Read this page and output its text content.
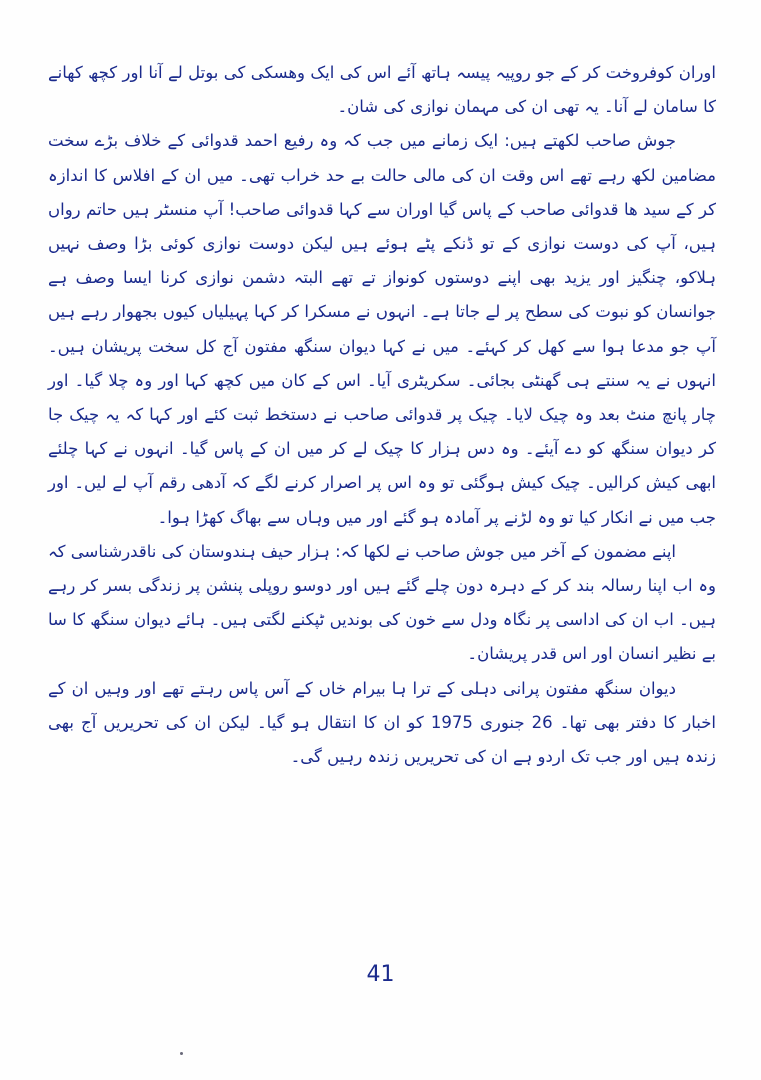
اوران کوفروخت کر کے جو روپیہ پیسہ ہاتھ آئے اس کی ایک وھسکی کی بوتل لے آنا اور کچھ کھانے کا سامان لے آنا۔ یہ تھی ان کی مہمان نوازی کی شان۔

جوش صاحب لکھتے ہیں: ایک زمانے میں جب کہ وہ رفیع احمد قدوائی کے خلاف بڑے سخت مضامین لکھ رہے تھے اس وقت ان کی مالی حالت بے حد خراب تھی۔ میں ان کے افلاس کا اندازہ کر کے سید ھا قدوائی صاحب کے پاس گیا اوران سے کہا قدوائی صاحب! آپ منسٹر ہیں حاتم رواں ہیں، آپ کی دوست نوازی کے تو ڈنکے پٹے ہوئے ہیں لیکن دوست نوازی کوئی بڑا وصف نہیں ہلاکو، چنگیز اور یزید بھی اپنے دوستوں کونواز تے تھے البتہ دشمن نوازی کرنا ایسا وصف ہے جوانسان کو نبوت کی سطح پر لے جاتا ہے۔ انہوں نے مسکرا کر کہا پہیلیاں کیوں بجھوار رہے ہیں آپ جو مدعا ہوا سے کھل کر کہئے۔ میں نے کہا دیوان سنگھ مفتون آج کل سخت پریشان ہیں۔ انہوں نے یہ سنتے ہی گھنٹی بجائی۔ سکریٹری آیا۔ اس کے کان میں کچھ کہا اور وہ چلا گیا۔ اور چار پانچ منٹ بعد وہ چیک لایا۔ چیک پر قدوائی صاحب نے دستخط ثبت کئے اور کہا کہ یہ چیک جا کر دیوان سنگھ کو دے آیئے۔ وہ دس ہزار کا چیک لے کر میں ان کے پاس گیا۔ انہوں نے کہا چلئے ابھی کیش کرالیں۔ چیک کیش ہوگئی تو وہ اس پر اصرار کرنے لگے کہ آدھی رقم آپ لے لیں۔ اور جب میں نے انکار کیا تو وہ لڑنے پر آمادہ ہو گئے اور میں وہاں سے بھاگ کھڑا ہوا۔

اپنے مضمون کے آخر میں جوش صاحب نے لکھا کہ: ہزار حیف ہندوستان کی ناقدرشناسی کہ وہ اب اپنا رسالہ بند کر کے دہرہ دون چلے گئے ہیں اور دوسو روپلی پنشن پر زندگی بسر کر رہے ہیں۔ اب ان کی اداسی پر نگاہ ودل سے خون کی بوندیں ٹپکنے لگتی ہیں۔ ہائے دیوان سنگھ کا سا بے نظیر انسان اور اس قدر پریشان۔

دیوان سنگھ مفتون پرانی دہلی کے ترا ہا بیرام خاں کے آس پاس رہتے تھے اور وہیں ان کے اخبار کا دفتر بھی تھا۔ 26 جنوری 1975 کو ان کا انتقال ہو گیا۔ لیکن ان کی تحریریں آج بھی زندہ ہیں اور جب تک اردو ہے ان کی تحریریں زندہ رہیں گی۔

41
